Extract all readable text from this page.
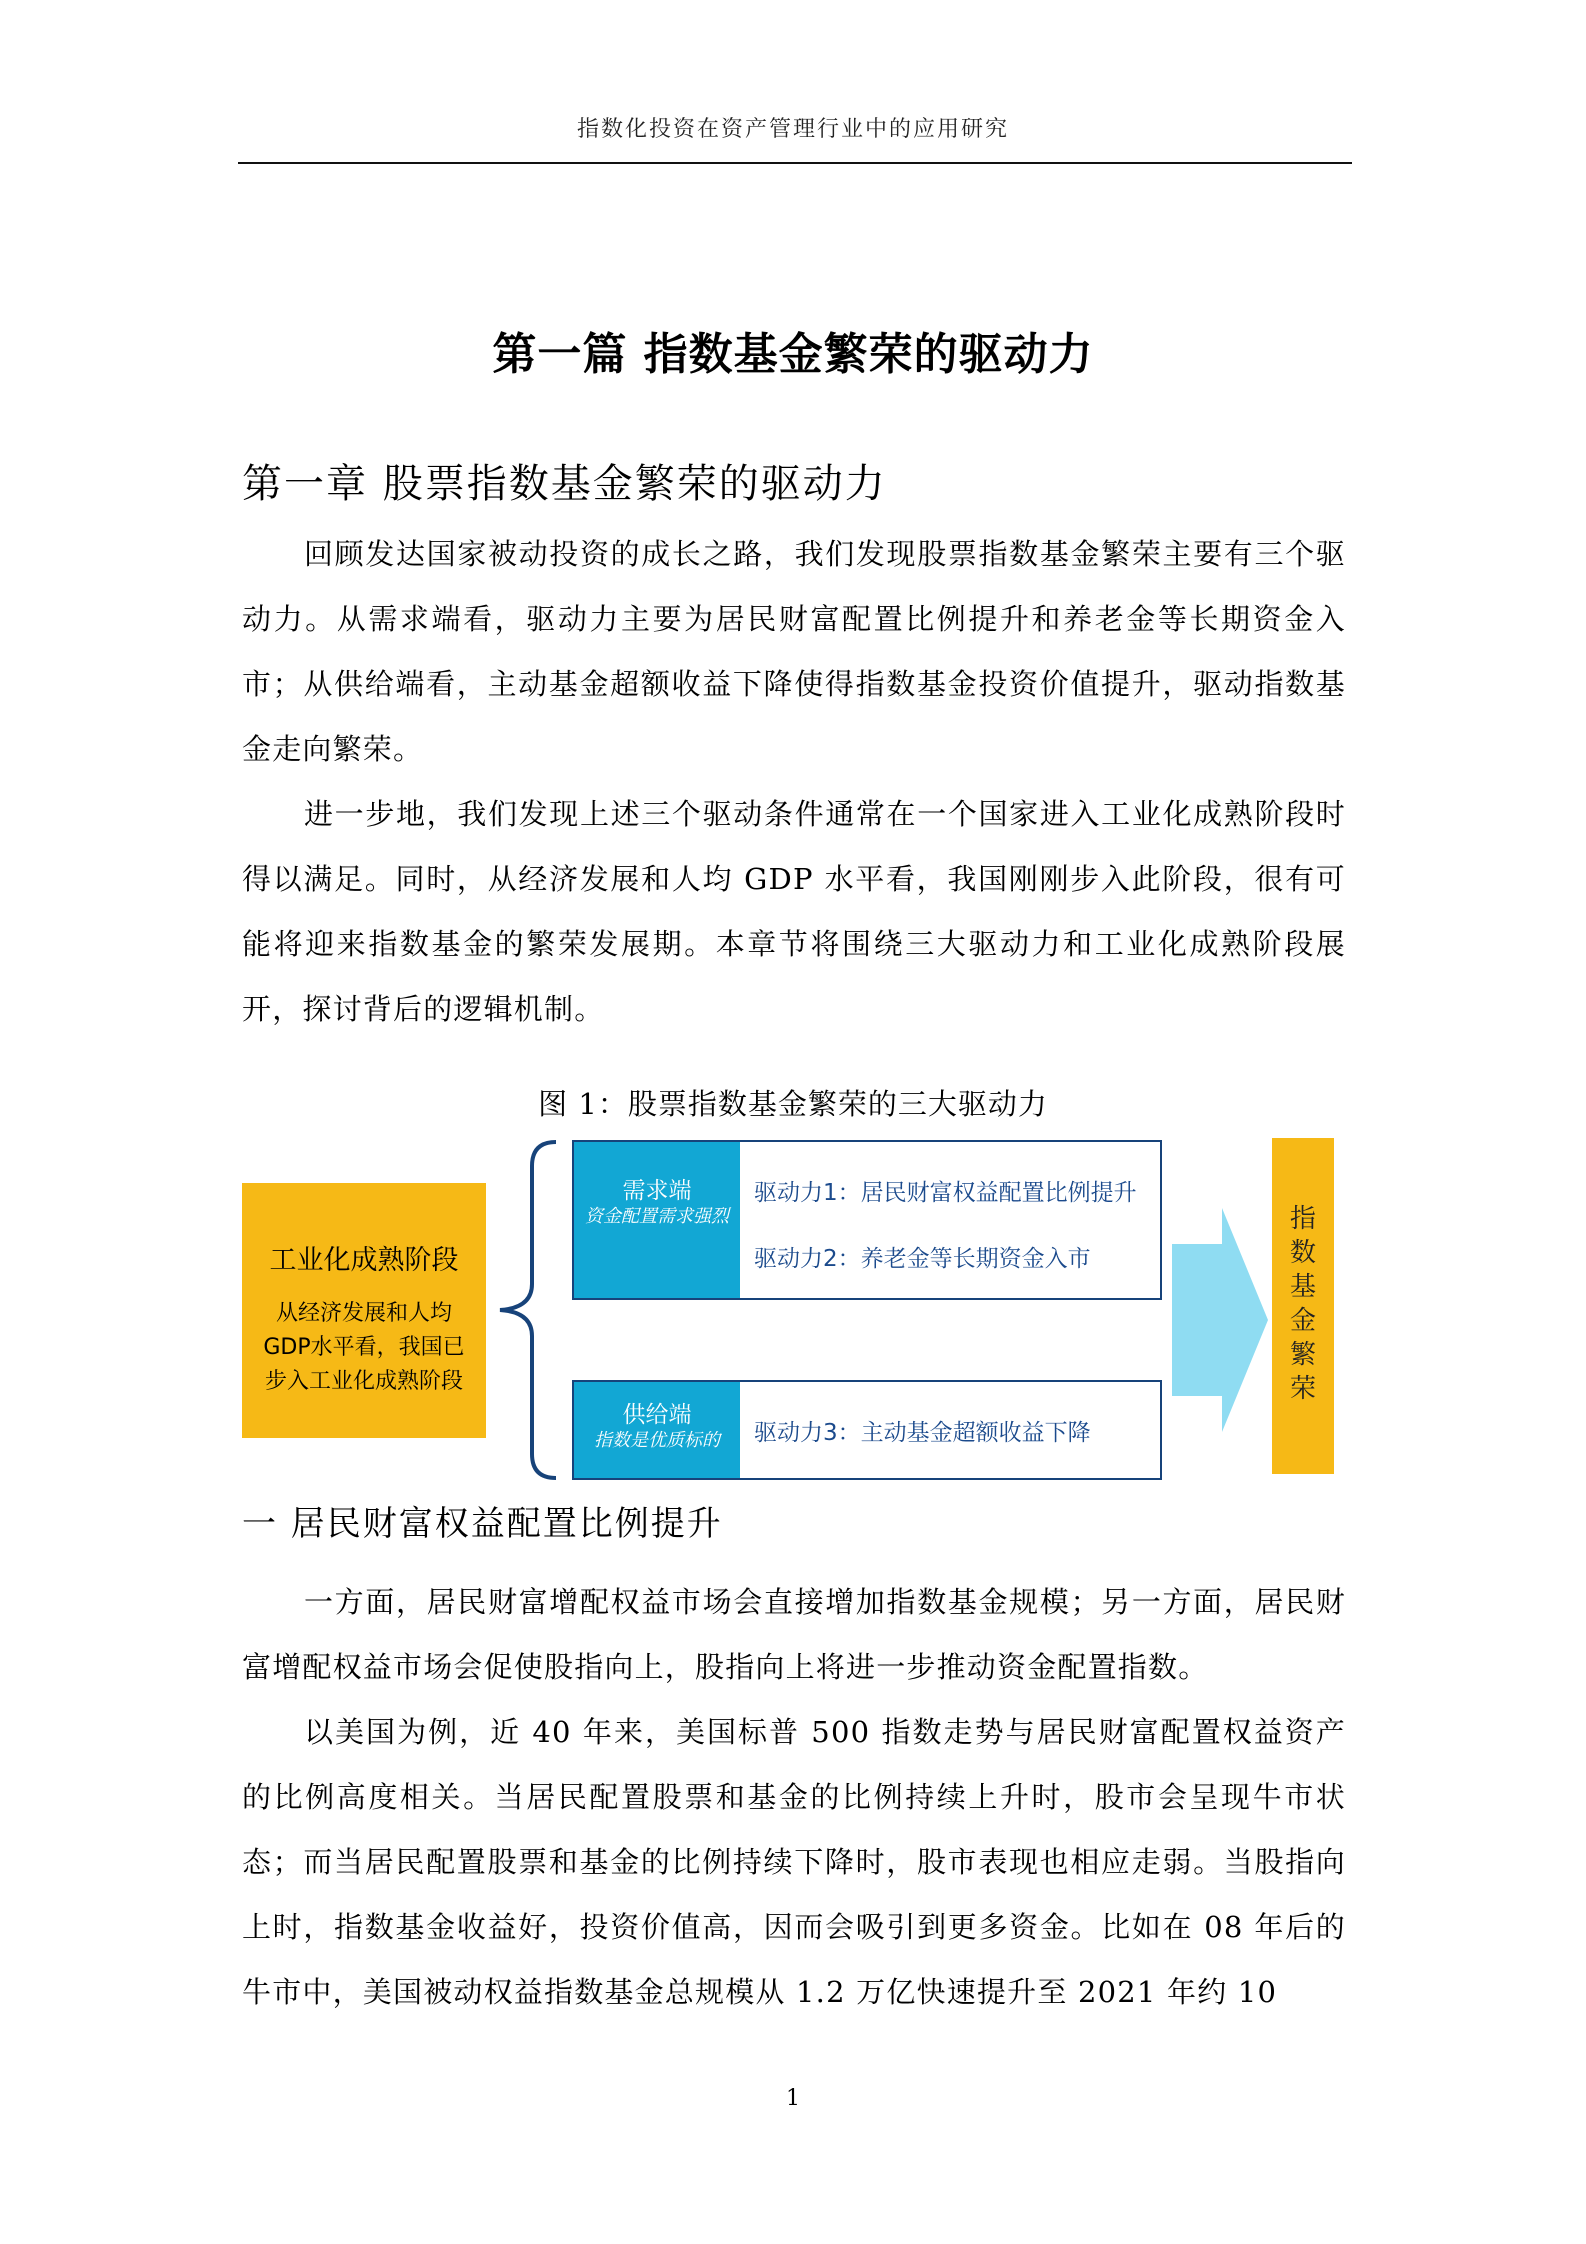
指数化投资在资产管理行业中的应用研究
第一篇 指数基金繁荣的驱动力
第一章 股票指数基金繁荣的驱动力

回顾发达国家被动投资的成长之路，我们发现股票指数基金繁荣主要有三个驱动力。从需求端看，驱动力主要为居民财富配置比例提升和养老金等长期资金入市；从供给端看，主动基金超额收益下降使得指数基金投资价值提升，驱动指数基金走向繁荣。

进一步地，我们发现上述三个驱动条件通常在一个国家进入工业化成熟阶段时得以满足。同时，从经济发展和人均 GDP 水平看，我国刚刚步入此阶段，很有可能将迎来指数基金的繁荣发展期。本章节将围绕三大驱动力和工业化成熟阶段展开，探讨背后的逻辑机制。

图 1：股票指数基金繁荣的三大驱动力
工业化成熟阶段
从经济发展和人均GDP水平看，我国已步入工业化成熟阶段
需求端
资金配置需求强烈
驱动力1：居民财富权益配置比例提升
驱动力2：养老金等长期资金入市
供给端
指数是优质标的	驱动力3：主动基金超额收益下降
指
数
基
金
繁
荣
一 居民财富权益配置比例提升

一方面，居民财富增配权益市场会直接增加指数基金规模；另一方面，居民财富增配权益市场会促使股指向上，股指向上将进一步推动资金配置指数。

以美国为例，近 40 年来，美国标普 500 指数走势与居民财富配置权益资产的比例高度相关。当居民配置股票和基金的比例持续上升时，股市会呈现牛市状态；而当居民配置股票和基金的比例持续下降时，股市表现也相应走弱。当股指向上时，指数基金收益好，投资价值高，因而会吸引到更多资金。比如在 08 年后的牛市中，美国被动权益指数基金总规模从 1.2 万亿快速提升至 2021 年约 10

1
